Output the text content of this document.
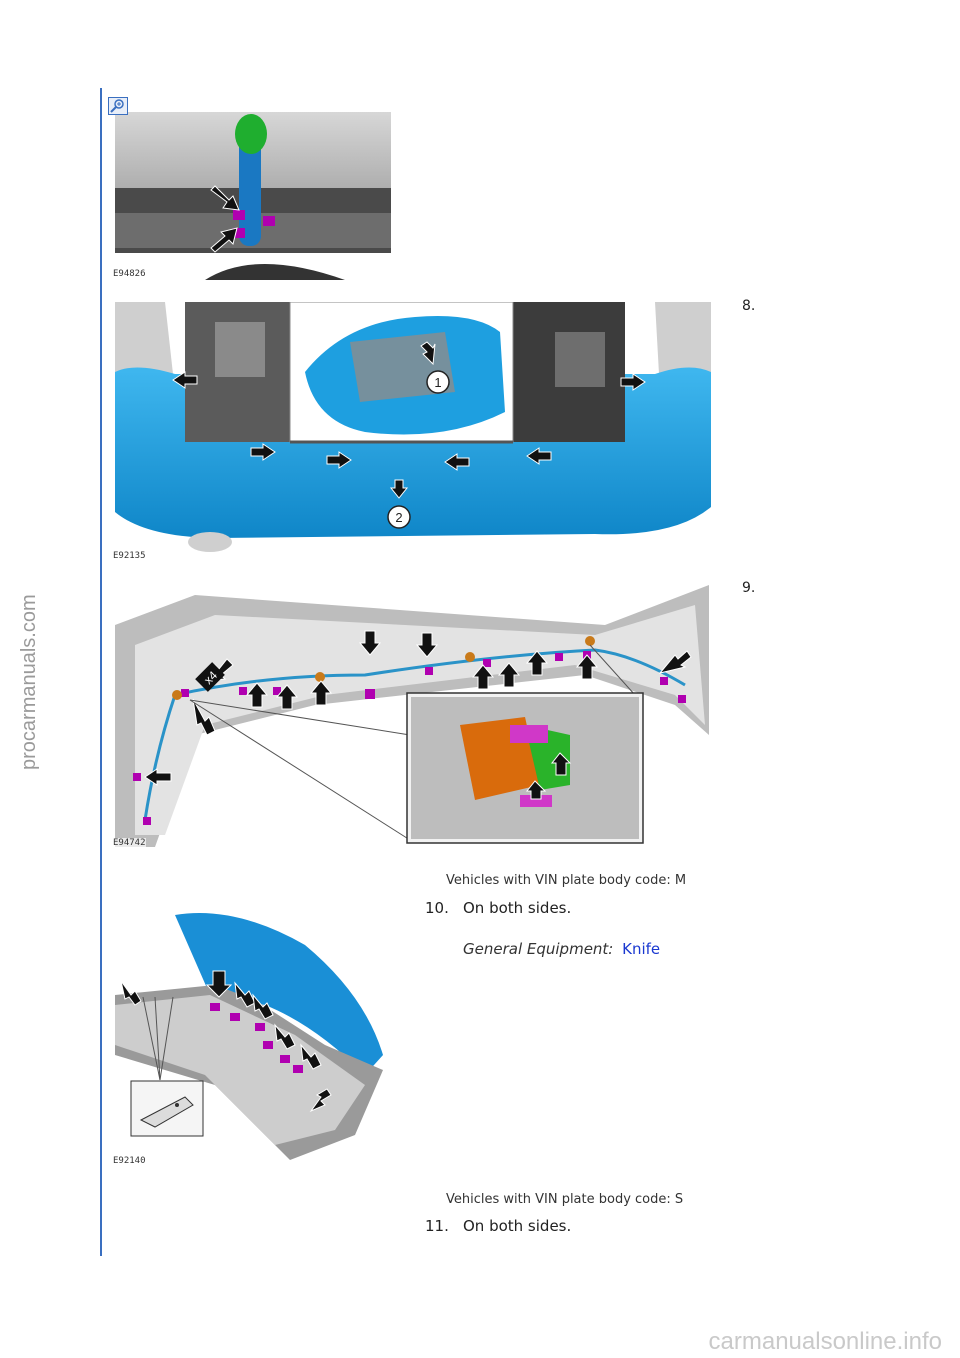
procarmanuals.com
E94826
8.
1
2
E92135
9.
x4
E94742
Vehicles with VIN plate body code: M
10. On both sides.
General Equipment: Knife
E92140
Vehicles with VIN plate body code: S
11. On both sides.
carmanualsonline.info
